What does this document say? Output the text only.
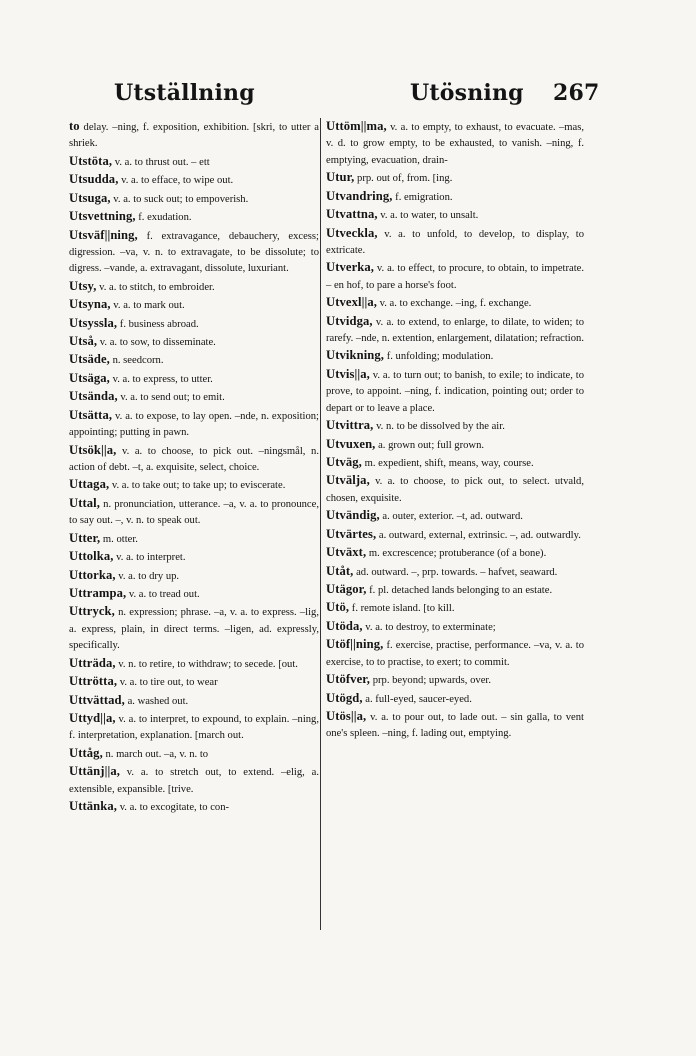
Utställning	Utösning 267

to delay. –ning, f. exposition, exhibition. [skri, to utter a shriek.

Utstöta, v. a. to thrust out. – ett

Utsudda, v. a. to efface, to wipe out.

Utsuga, v. a. to suck out; to empoverish.

Utsvettning, f. exudation.

Utsväf||ning, f. extravagance, debauchery, excess; digression. –va, v. n. to extravagate, to be dissolute; to digress. –vande, a. extravagant, dissolute, luxuriant.

Utsy, v. a. to stitch, to embroider.

Utsyna, v. a. to mark out.

Utsyssla, f. business abroad.

Utså, v. a. to sow, to disseminate.

Utsäde, n. seedcorn.

Utsäga, v. a. to express, to utter.

Utsända, v. a. to send out; to emit.

Utsätta, v. a. to expose, to lay open. –nde, n. exposition; appointing; putting in pawn.

Utsök||a, v. a. to choose, to pick out. –ningsmål, n. action of debt. –t, a. exquisite, select, choice.

Uttaga, v. a. to take out; to take up; to eviscerate.

Uttal, n. pronunciation, utterance. –a, v. a. to pronounce, to say out. –, v. n. to speak out.

Utter, m. otter.

Uttolka, v. a. to interpret.

Uttorka, v. a. to dry up.

Uttrampa, v. a. to tread out.

Uttryck, n. expression; phrase. –a, v. a. to express. –lig, a. express, plain, in direct terms. –ligen, ad. expressly, specifically.

Utträda, v. n. to retire, to withdraw; to secede. [out.

Uttrötta, v. a. to tire out, to wear

Uttvättad, a. washed out.

Uttyd||a, v. a. to interpret, to expound, to explain. –ning, f. interpretation, explanation. [march out.

Uttåg, n. march out. –a, v. n. to

Uttänj||a, v. a. to stretch out, to extend. –elig, a. extensible, expansible. [trive.

Uttänka, v. a. to excogitate, to con-

Uttöm||ma, v. a. to empty, to exhaust, to evacuate. –mas, v. d. to grow empty, to be exhausted, to vanish. –ning, f. emptying, evacuation, drain-

Utur, prp. out of, from. [ing.

Utvandring, f. emigration.

Utvattna, v. a. to water, to unsalt.

Utveckla, v. a. to unfold, to develop, to display, to extricate.

Utverka, v. a. to effect, to procure, to obtain, to impetrate. – en hof, to pare a horse's foot.

Utvexl||a, v. a. to exchange. –ing, f. exchange.

Utvidga, v. a. to extend, to enlarge, to dilate, to widen; to rarefy. –nde, n. extention, enlargement, dilatation; refraction.

Utvikning, f. unfolding; modulation.

Utvis||a, v. a. to turn out; to banish, to exile; to indicate, to prove, to appoint. –ning, f. indication, pointing out; order to depart or to leave a place.

Utvittra, v. n. to be dissolved by the air.

Utvuxen, a. grown out; full grown.

Utväg, m. expedient, shift, means, way, course.

Utvälja, v. a. to choose, to pick out, to select. utvald, chosen, exquisite.

Utvändig, a. outer, exterior. –t, ad. outward.

Utvärtes, a. outward, external, extrinsic. –, ad. outwardly.

Utväxt, m. excrescence; protuberance (of a bone).

Utåt, ad. outward. –, prp. towards. – hafvet, seaward.

Utägor, f. pl. detached lands belonging to an estate.

Utö, f. remote island. [to kill.

Utöda, v. a. to destroy, to exterminate;

Utöf||ning, f. exercise, practise, performance. –va, v. a. to exercise, to to practise, to exert; to commit.

Utöfver, prp. beyond; upwards, over.

Utögd, a. full-eyed, saucer-eyed.

Utös||a, v. a. to pour out, to lade out. – sin galla, to vent one's spleen. –ning, f. lading out, emptying.
